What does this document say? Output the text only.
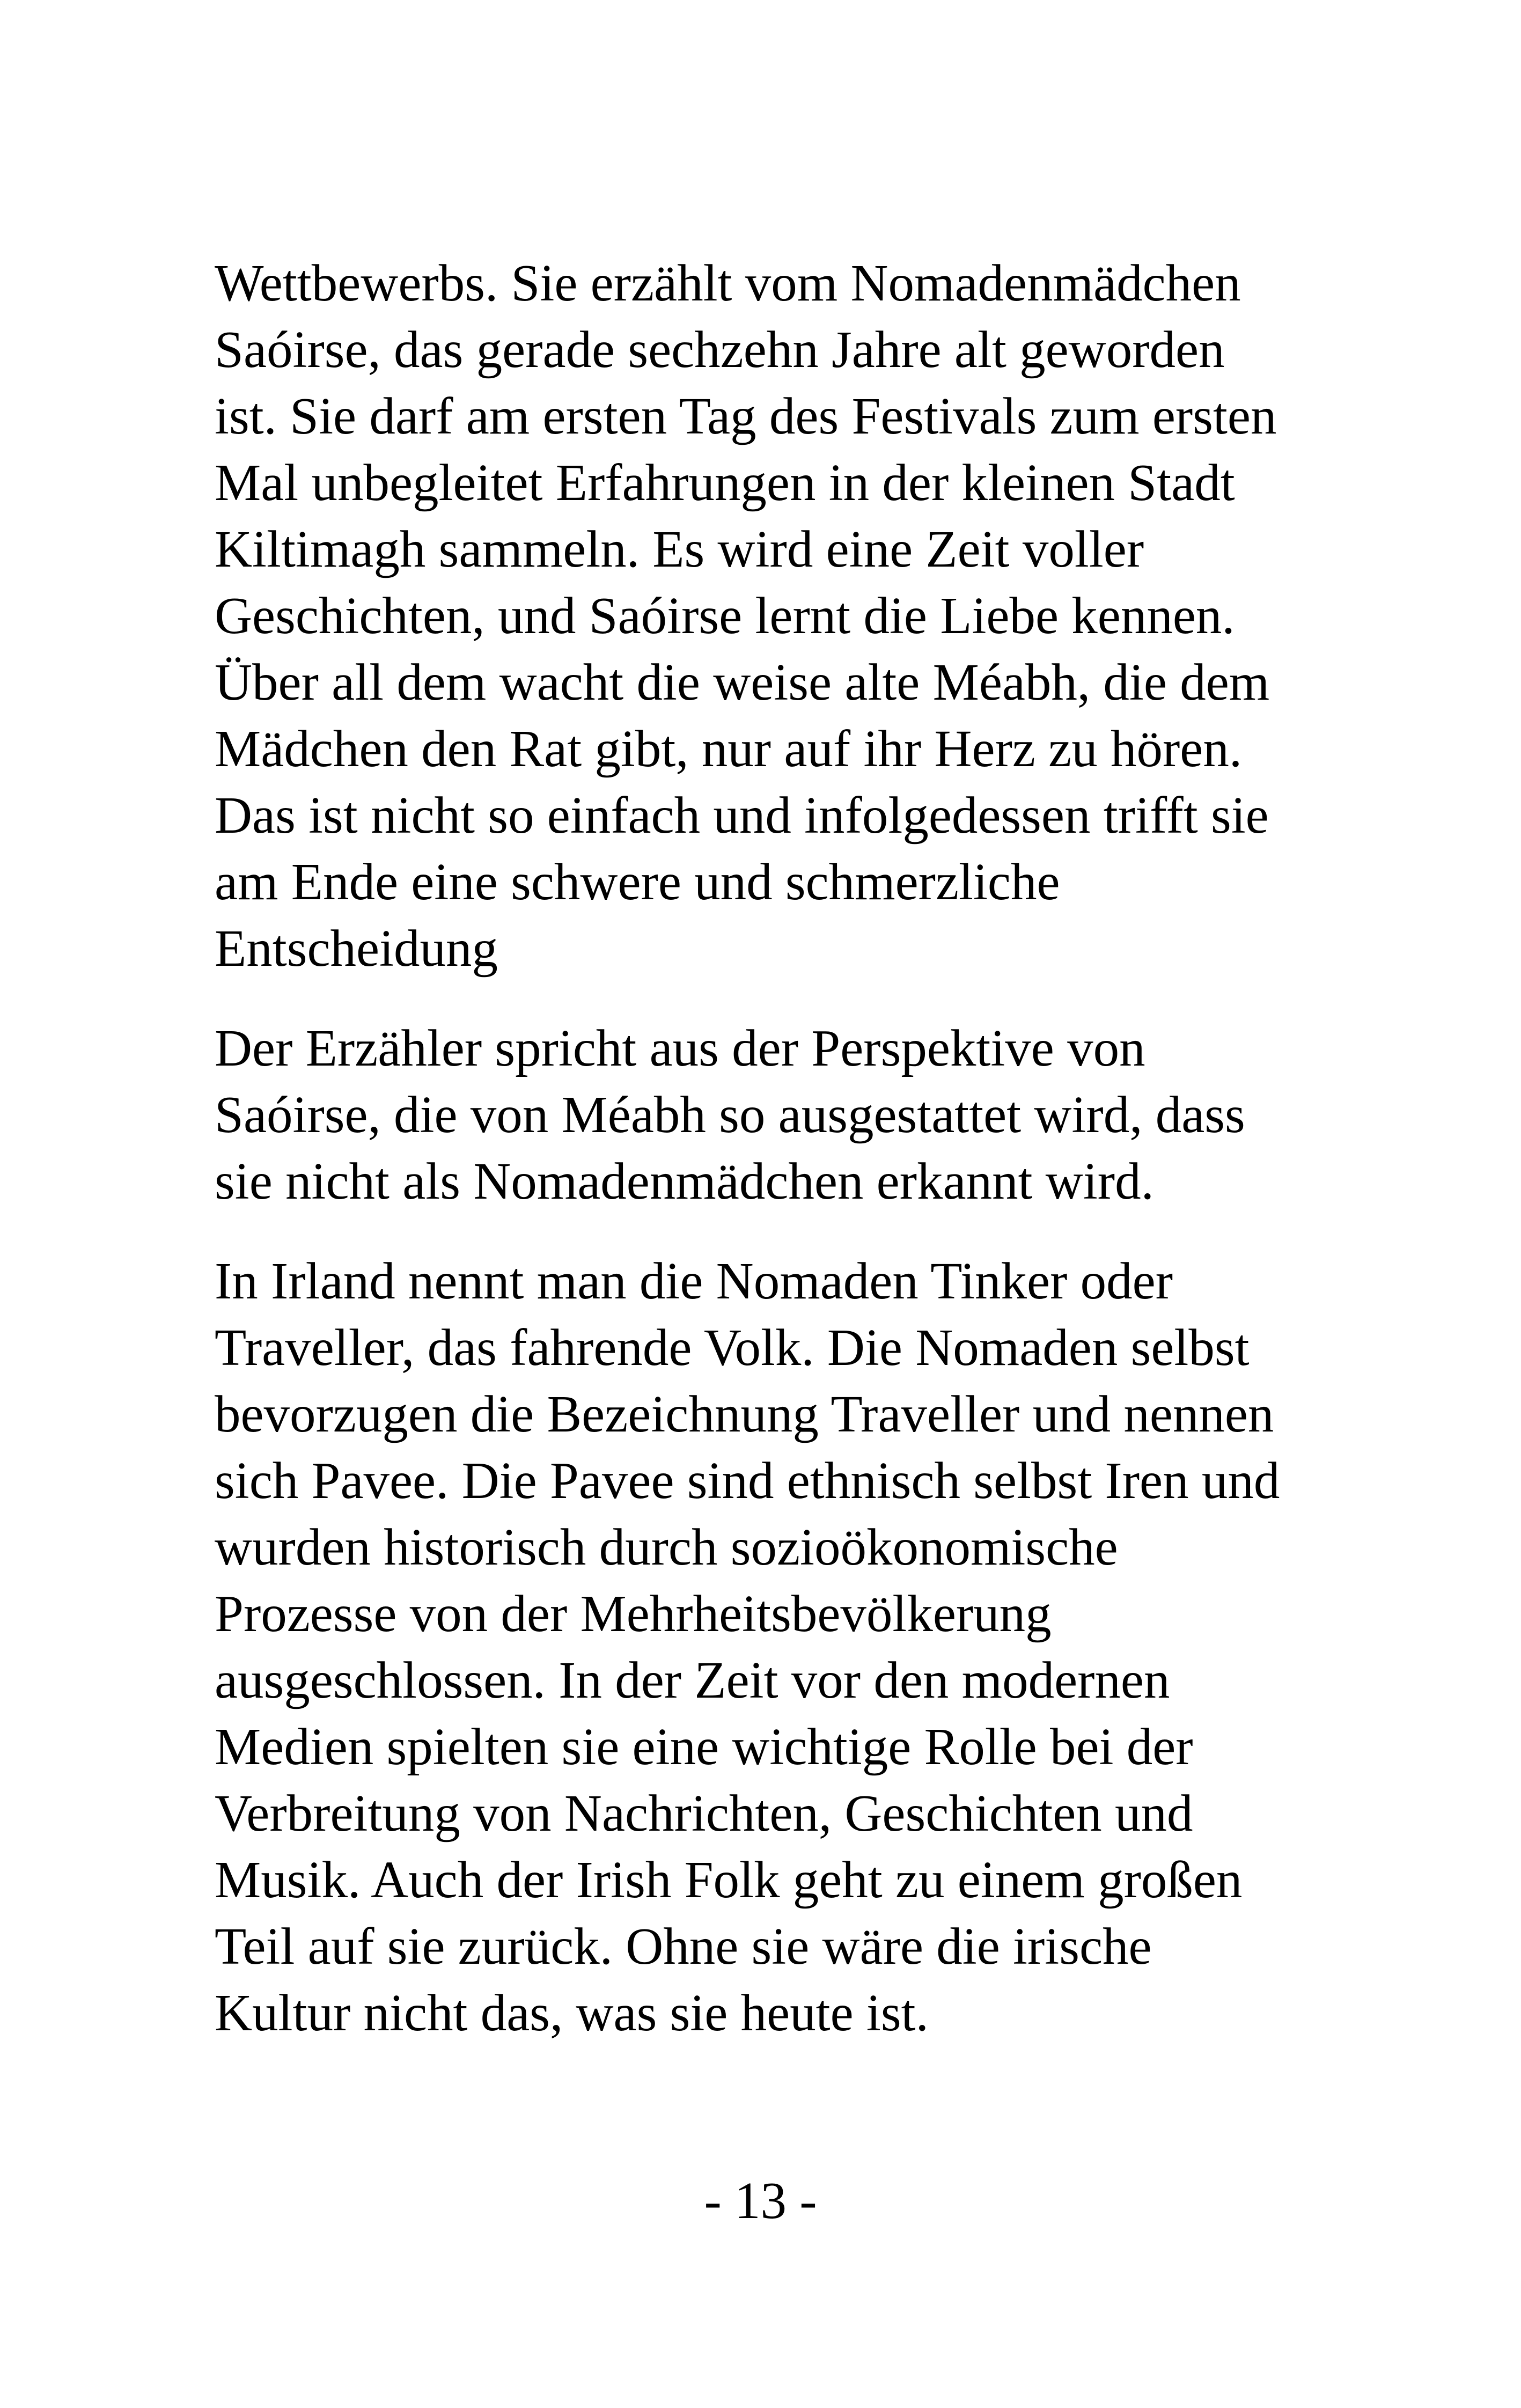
Wettbewerbs. Sie erzählt vom Nomadenmädchen
Saóirse, das gerade sechzehn Jahre alt geworden
ist. Sie darf am ersten Tag des Festivals zum ersten
Mal unbegleitet Erfahrungen in der kleinen Stadt
Kiltimagh sammeln. Es wird eine Zeit voller
Geschichten, und Saóirse lernt die Liebe kennen.
Über all dem wacht die weise alte Méabh, die dem
Mädchen den Rat gibt, nur auf ihr Herz zu hören.
Das ist nicht so einfach und infolgedessen trifft sie
am Ende eine schwere und schmerzliche
Entscheidung
Der Erzähler spricht aus der Perspektive von
Saóirse, die von Méabh so ausgestattet wird, dass
sie nicht als Nomadenmädchen erkannt wird.
In Irland nennt man die Nomaden Tinker oder
Traveller, das fahrende Volk. Die Nomaden selbst
bevorzugen die Bezeichnung Traveller und nennen
sich Pavee. Die Pavee sind ethnisch selbst Iren und
wurden historisch durch sozioökonomische
Prozesse von der Mehrheitsbevölkerung
ausgeschlossen. In der Zeit vor den modernen
Medien spielten sie eine wichtige Rolle bei der
Verbreitung von Nachrichten, Geschichten und
Musik. Auch der Irish Folk geht zu einem großen
Teil auf sie zurück. Ohne sie wäre die irische
Kultur nicht das, was sie heute ist.
- 13 -
